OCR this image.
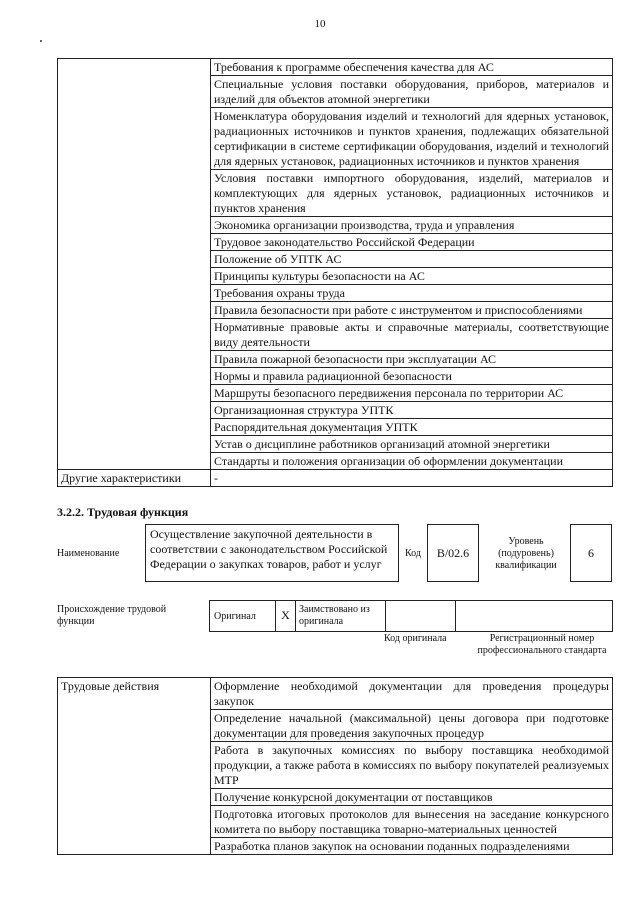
10
	Требования к программе обеспечения качества для АС
	Специальные условия поставки оборудования, приборов, материалов и изделий для объектов атомной энергетики
	Номенклатура оборудования изделий и технологий для ядерных установок, радиационных источников и пунктов хранения, подлежащих обязательной сертификации в системе сертификации оборудования, изделий и технологий для ядерных установок, радиационных источников и пунктов хранения
	Условия поставки импортного оборудования, изделий, материалов и комплектующих для ядерных установок, радиационных источников и пунктов хранения
	Экономика организации производства, труда и управления
	Трудовое законодательство Российской Федерации
	Положение об УПТК АС
	Принципы культуры безопасности на АС
	Требования охраны труда
	Правила безопасности при работе с инструментом и приспособлениями
	Нормативные правовые акты и справочные материалы, соответствующие виду деятельности
	Правила пожарной безопасности при эксплуатации АС
	Нормы и правила радиационной безопасности
	Маршруты безопасного передвижения персонала по территории АС
	Организационная структура УПТК
	Распорядительная документация УПТК
	Устав о дисциплине работников организаций атомной энергетики
	Стандарты и положения организации об оформлении документации
Другие характеристики	-
3.2.2. Трудовая функция
Наименование
Осуществление закупочной деятельности в соответствии с законодательством Российской Федерации о закупках товаров, работ и услуг
Код B/02.6
Уровень (подуровень) квалификации
6
Происхождение трудовой функции	Оригинал	X Заимствовано из оригинала
Код оригинала	Регистрационный номер профессионального стандарта
Трудовые действия	Оформление необходимой документации для проведения процедуры закупок
Определение начальной (максимальной) цены договора при подготовке документации для проведения закупочных процедур
Работа в закупочных комиссиях по выбору поставщика необходимой продукции, а также работа в комиссиях по выбору покупателей реализуемых МТР
Получение конкурсной документации от поставщиков
Подготовка итоговых протоколов для вынесения на заседание конкурсного комитета по выбору поставщика товарно-материальных ценностей
Разработка планов закупок на основании поданных подразделениями
